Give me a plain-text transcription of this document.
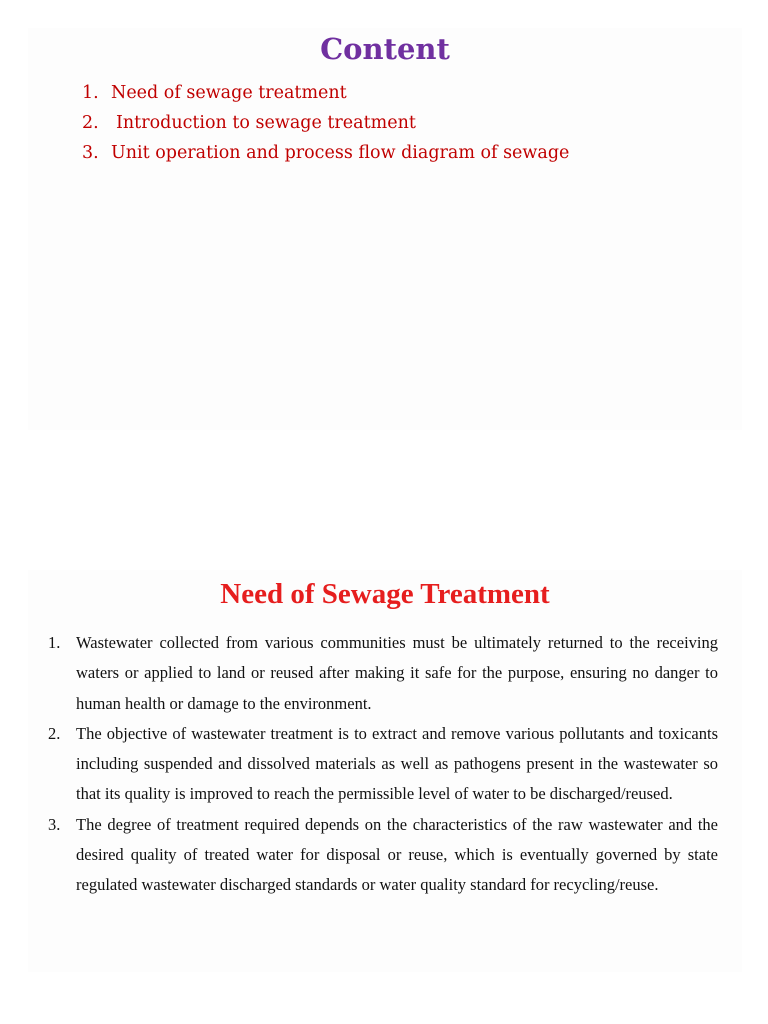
Content
1. Need of sewage treatment
2. Introduction to sewage treatment
3. Unit operation and process flow diagram of sewage
Need of Sewage Treatment
1. Wastewater collected from various communities must be ultimately returned to the receiving waters or applied to land or reused after making it safe for the purpose, ensuring no danger to human health or damage to the environment.
2. The objective of wastewater treatment is to extract and remove various pollutants and toxicants including suspended and dissolved materials as well as pathogens present in the wastewater so that its quality is improved to reach the permissible level of water to be discharged/reused.
3. The degree of treatment required depends on the characteristics of the raw wastewater and the desired quality of treated water for disposal or reuse, which is eventually governed by state regulated wastewater discharged standards or water quality standard for recycling/reuse.
